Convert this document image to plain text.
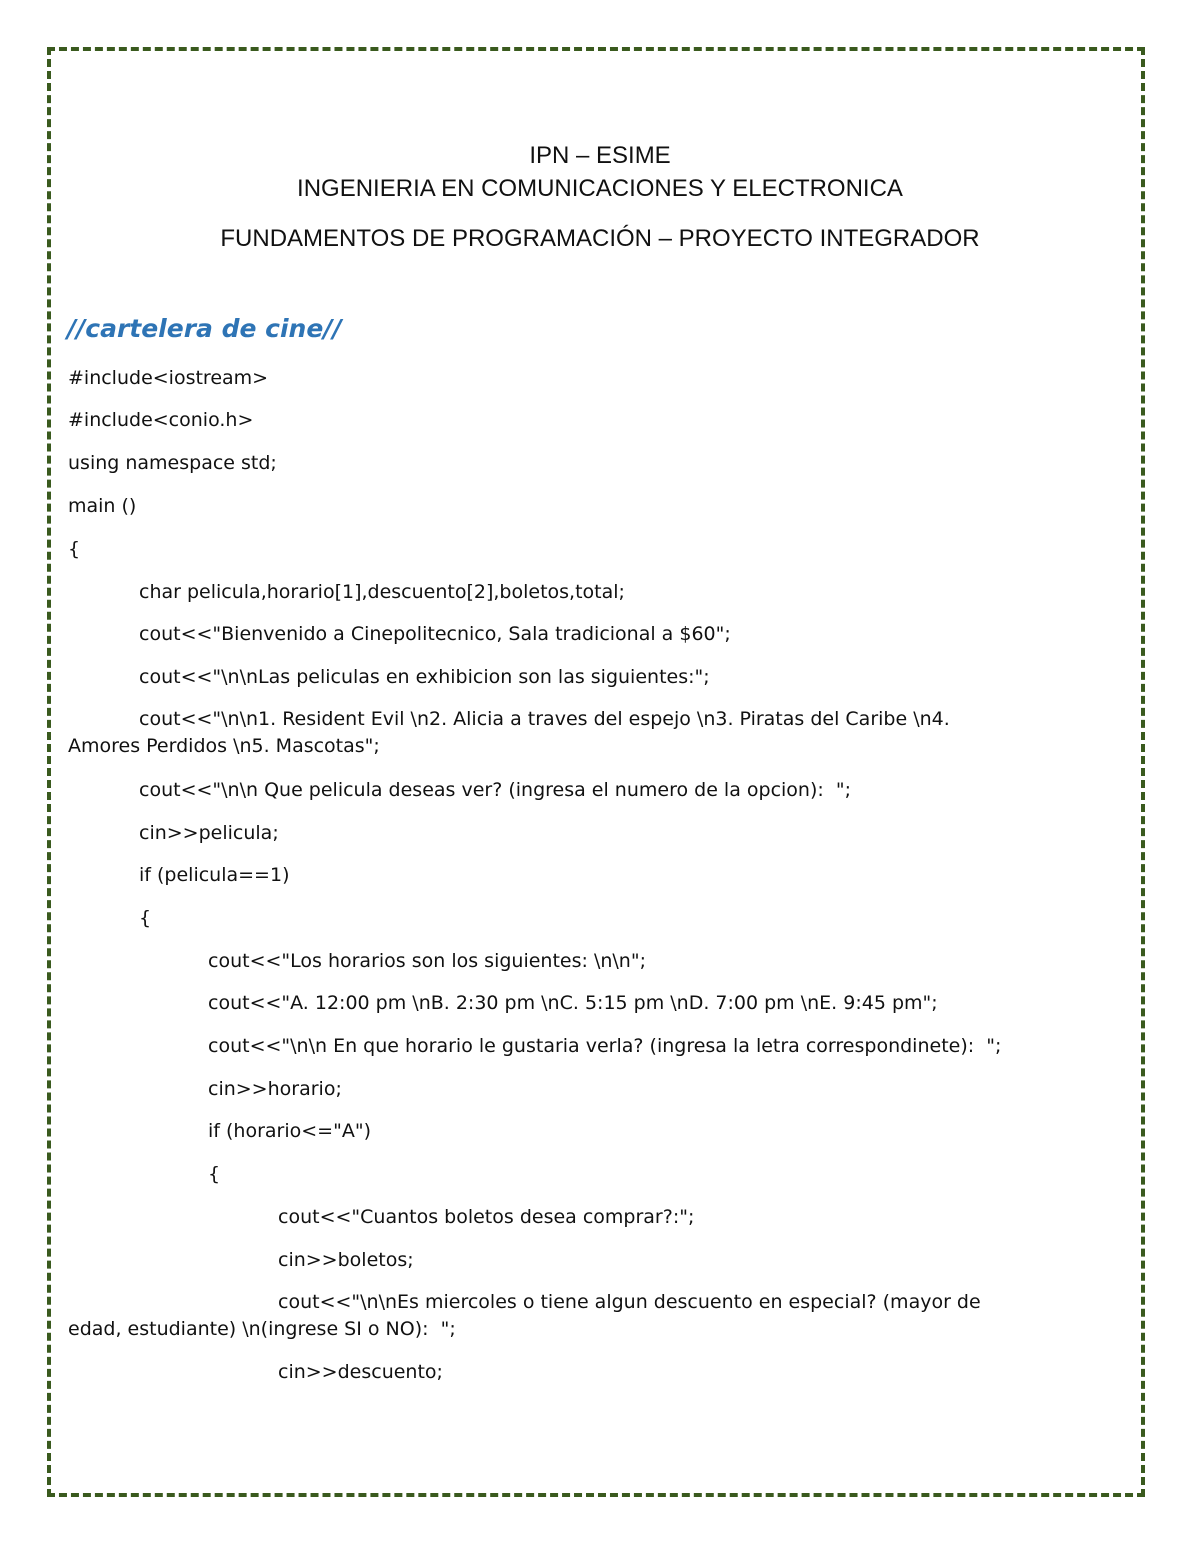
IPN – ESIME
INGENIERIA EN COMUNICACIONES Y ELECTRONICA
FUNDAMENTOS DE PROGRAMACIÓN – PROYECTO INTEGRADOR
//cartelera de cine//
#include<iostream>
#include<conio.h>
using namespace std;
main ()
{
char pelicula,horario[1],descuento[2],boletos,total;
cout<<"Bienvenido a Cinepolitecnico, Sala tradicional a $60";
cout<<"\n\nLas peliculas en exhibicion son las siguientes:";
cout<<"\n\n1. Resident Evil \n2. Alicia a traves del espejo \n3. Piratas del Caribe \n4.
Amores Perdidos \n5. Mascotas";
cout<<"\n\n Que pelicula deseas ver? (ingresa el numero de la opcion):  ";
cin>>pelicula;
if (pelicula==1)
{
cout<<"Los horarios son los siguientes: \n\n";
cout<<"A. 12:00 pm \nB. 2:30 pm \nC. 5:15 pm \nD. 7:00 pm \nE. 9:45 pm";
cout<<"\n\n En que horario le gustaria verla? (ingresa la letra correspondinete):  ";
cin>>horario;
if (horario<="A")
{
cout<<"Cuantos boletos desea comprar?:";
cin>>boletos;
cout<<"\n\nEs miercoles o tiene algun descuento en especial? (mayor de
edad, estudiante) \n(ingrese SI o NO):  ";
cin>>descuento;
